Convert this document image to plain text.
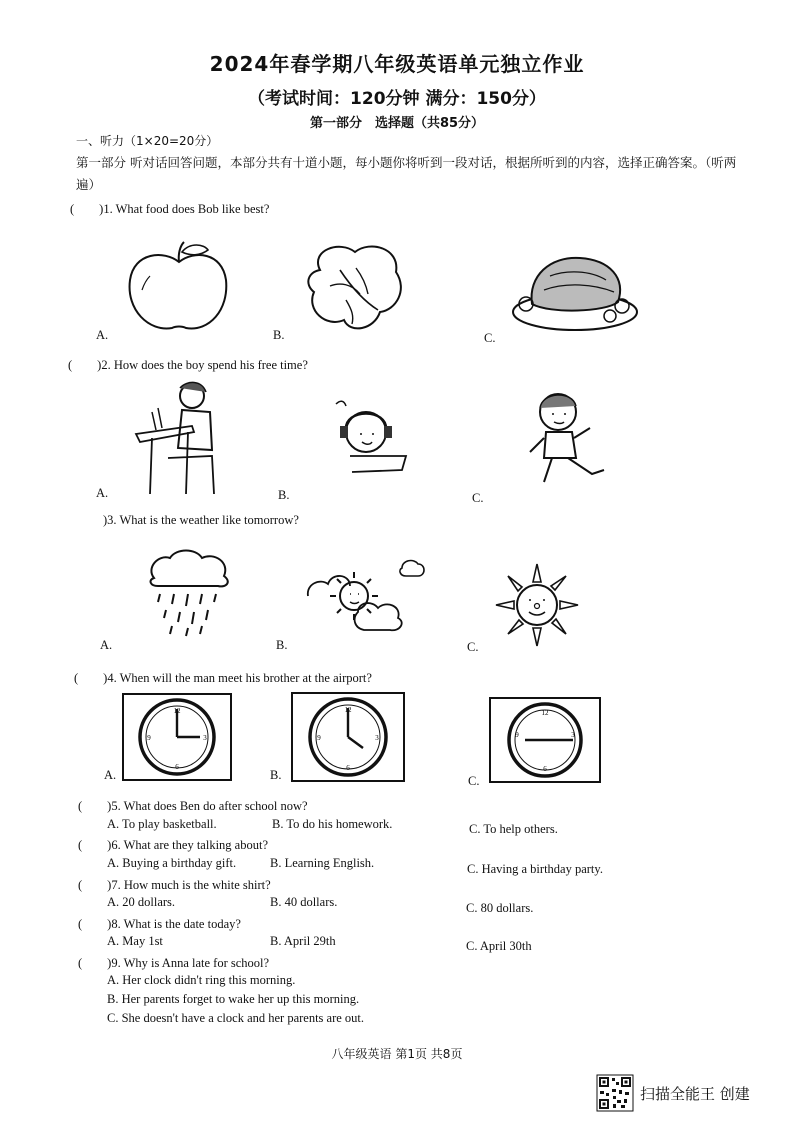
2024年春学期八年级英语单元独立作业
（考试时间：120分钟 满分：150分）
第一部分　选择题（共85分）
一、听力（1×20=20分）
第一部分 听对话回答问题，本部分共有十道小题，每小题你将听到一段对话，根据所听到的内容，选择正确答案。（听两遍）
(　　)1. What food does Bob like best?
A.	B.	C.
(　　)2. How does the boy spend his free time?
A.	B.	C.
)3. What is the weather like tomorrow?
A.	B.	C.
(　　)4. When will the man meet his brother at the airport?
12
3
6
9
12
3
6
9
12
3
6
9
A.	B.	C.
(　　)5. What does Ben do after school now?
A. To play basketball.	B. To do his homework.	C. To help others.
(　　)6. What are they talking about?
A. Buying a birthday gift.	B. Learning English.	C. Having a birthday party.
(　　)7. How much is the white shirt?
A. 20 dollars.	B. 40 dollars.	C. 80 dollars.
(　　)8. What is the date today?
A. May 1st	B. April 29th	C. April 30th
(　　)9. Why is Anna late for school?
A. Her clock didn't ring this morning.
B. Her parents forget to wake her up this morning.
C. She doesn't have a clock and her parents are out.
八年级英语 第1页 共8页
扫描全能王 创建
